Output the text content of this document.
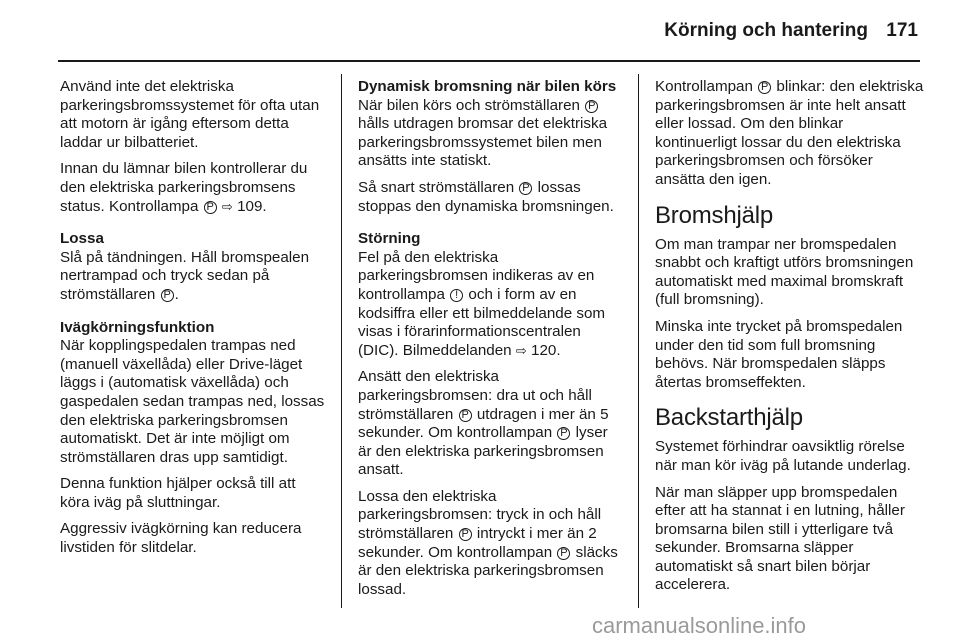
Körning och hantering 171

Använd inte det elektriska parkeringsbromssystemet för ofta utan att motorn är igång eftersom detta laddar ur bilbatteriet.

Innan du lämnar bilen kontrollerar du den elektriska parkeringsbromsens status. Kontrollampa P ⇨ 109.

Lossa

Slå på tändningen. Håll bromspealen nertrampad och tryck sedan på strömställaren P .

Ivägkörningsfunktion

När kopplingspedalen trampas ned (manuell växellåda) eller Drive-läget läggs i (automatisk växellåda) och gaspedalen sedan trampas ned, lossas den elektriska parkeringsbromsen automatiskt. Det är inte möjligt om strömställaren dras upp samtidigt.

Denna funktion hjälper också till att köra iväg på sluttningar.

Aggressiv ivägkörning kan reducera livstiden för slitdelar.

Dynamisk bromsning när bilen körs

När bilen körs och strömställaren P hålls utdragen bromsar det elektriska parkeringsbromssystemet bilen men ansätts inte statiskt.

Så snart strömställaren P lossas stoppas den dynamiska bromsningen.

Störning

Fel på den elektriska parkeringsbromsen indikeras av en kontrollampa ! och i form av en kodsiffra eller ett bilmeddelande som visas i förarinformationscentralen (DIC). Bilmeddelanden ⇨ 120.

Ansätt den elektriska parkeringsbromsen: dra ut och håll strömställaren P utdragen i mer än 5 sekunder. Om kontrollampan P lyser är den elektriska parkeringsbromsen ansatt.

Lossa den elektriska parkeringsbromsen: tryck in och håll strömställaren P intryckt i mer än 2 sekunder. Om kontrollampan P släcks är den elektriska parkeringsbromsen lossad.

Kontrollampan P blinkar: den elektriska parkeringsbromsen är inte helt ansatt eller lossad. Om den blinkar kontinuerligt lossar du den elektriska parkeringsbromsen och försöker ansätta den igen.

Bromshjälp

Om man trampar ner bromspedalen snabbt och kraftigt utförs bromsningen automatiskt med maximal bromskraft (full bromsning).

Minska inte trycket på bromspedalen under den tid som full bromsning behövs. När bromspedalen släpps återtas bromseffekten.

Backstarthjälp

Systemet förhindrar oavsiktlig rörelse när man kör iväg på lutande underlag.

När man släpper upp bromspedalen efter att ha stannat i en lutning, håller bromsarna bilen still i ytterligare två sekunder. Bromsarna släpper automatiskt så snart bilen börjar accelerera.

carmanualsonline.info
